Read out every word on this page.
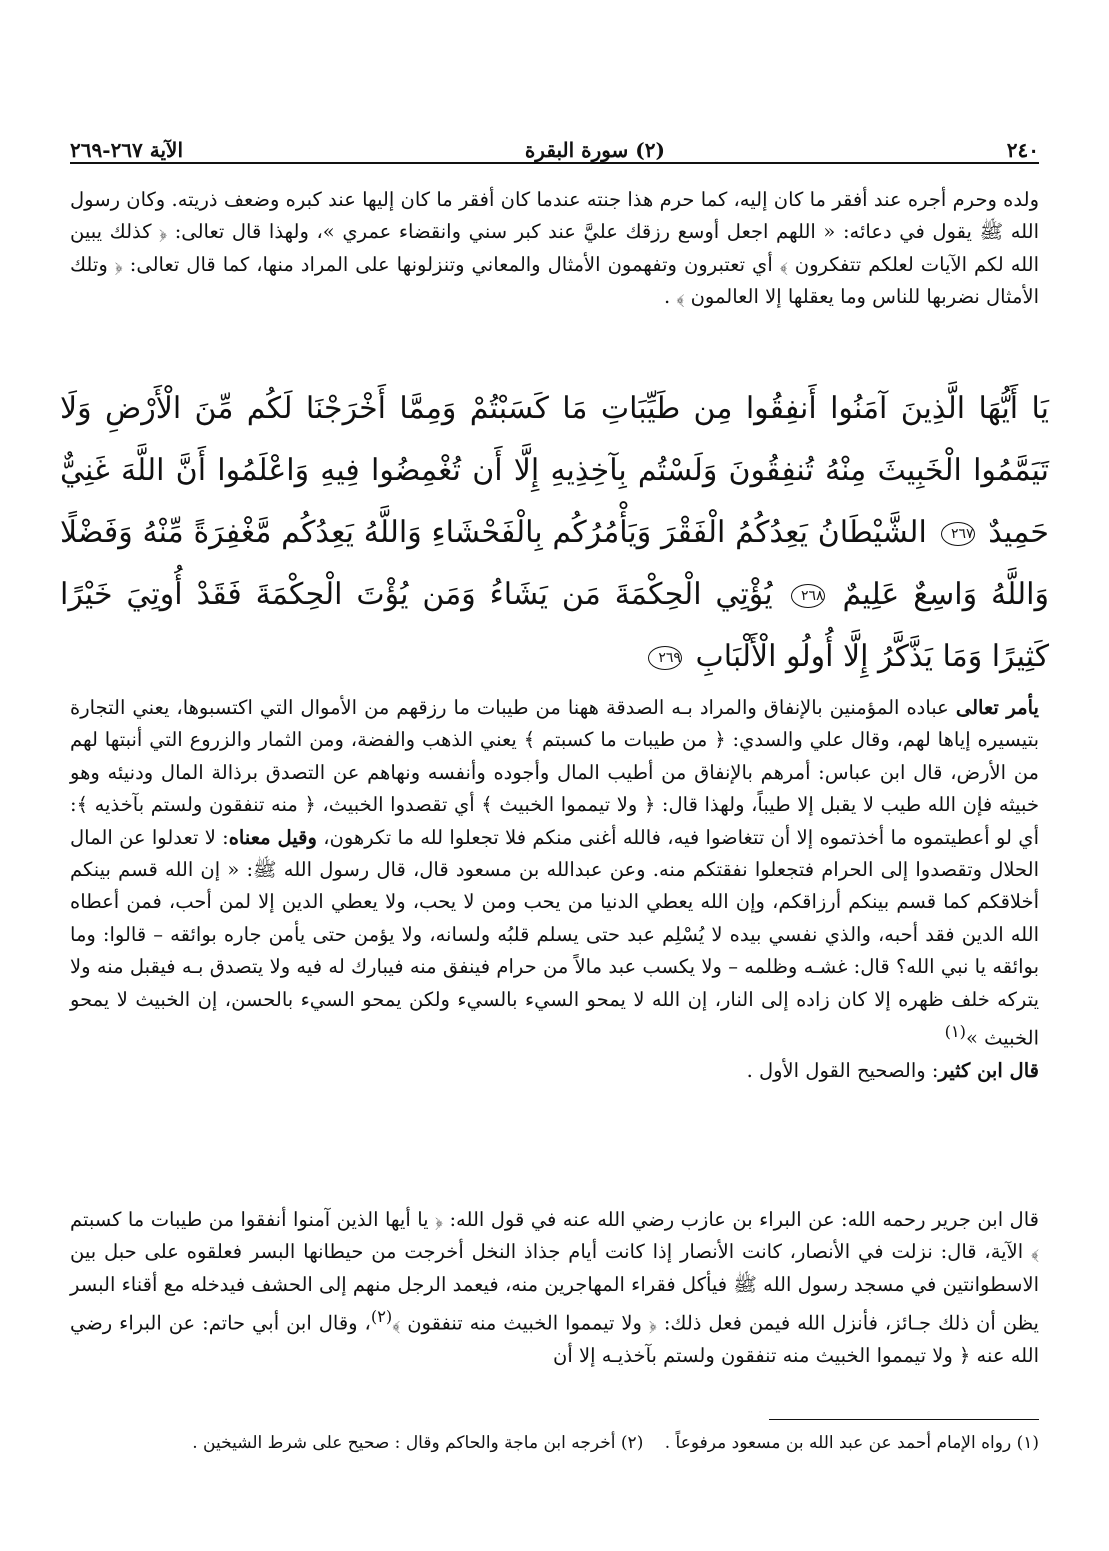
٢٤٠
(٢) سورة البقرة
الآية ٢٦٧-٢٦٩
ولده وحرم أجره عند أفقر ما كان إليه، كما حرم هذا جنته عندما كان أفقر ما كان إليها عند كبره وضعف ذريته. وكان رسول الله ﷺ يقول في دعائه: « اللهم اجعل أوسع رزقك عليَّ عند كبر سني وانقضاء عمري »، ولهذا قال تعالى: ﴿ كذلك يبين الله لكم الآيات لعلكم تتفكرون ﴾ أي تعتبرون وتفهمون الأمثال والمعاني وتنزلونها على المراد منها، كما قال تعالى: ﴿ وتلك الأمثال نضربها للناس وما يعقلها إلا العالمون ﴾ .
يَا أَيُّهَا الَّذِينَ آمَنُوا أَنفِقُوا مِن طَيِّبَاتِ مَا كَسَبْتُمْ وَمِمَّا أَخْرَجْنَا لَكُم مِّنَ الْأَرْضِ وَلَا تَيَمَّمُوا الْخَبِيثَ مِنْهُ تُنفِقُونَ وَلَسْتُم بِآخِذِيهِ إِلَّا أَن تُغْمِضُوا فِيهِ وَاعْلَمُوا أَنَّ اللَّهَ غَنِيٌّ حَمِيدٌ ٢٦٧ الشَّيْطَانُ يَعِدُكُمُ الْفَقْرَ وَيَأْمُرُكُم بِالْفَحْشَاءِ وَاللَّهُ يَعِدُكُم مَّغْفِرَةً مِّنْهُ وَفَضْلًا وَاللَّهُ وَاسِعٌ عَلِيمٌ ٢٦٨ يُؤْتِي الْحِكْمَةَ مَن يَشَاءُ وَمَن يُؤْتَ الْحِكْمَةَ فَقَدْ أُوتِيَ خَيْرًا كَثِيرًا وَمَا يَذَّكَّرُ إِلَّا أُولُو الْأَلْبَابِ ٢٦٩
يأمر تعالى عباده المؤمنين بالإنفاق والمراد بـه الصدقة ههنا من طيبات ما رزقهم من الأموال التي اكتسبوها، يعني التجارة بتيسيره إياها لهم، وقال علي والسدي: ﴿ من طيبات ما كسبتم ﴾ يعني الذهب والفضة، ومن الثمار والزروع التي أنبتها لهم من الأرض، قال ابن عباس: أمرهم بالإنفاق من أطيب المال وأجوده وأنفسه ونهاهم عن التصدق برذالة المال ودنيئه وهو خبيثه فإن الله طيب لا يقبل إلا طيباً، ولهذا قال: ﴿ ولا تيمموا الخبيث ﴾ أي تقصدوا الخبيث، ﴿ منه تنفقون ولستم بآخذيه ﴾: أي لو أعطيتموه ما أخذتموه إلا أن تتغاضوا فيه، فالله أغنى منكم فلا تجعلوا لله ما تكرهون، وقيل معناه: لا تعدلوا عن المال الحلال وتقصدوا إلى الحرام فتجعلوا نفقتكم منه. وعن عبدالله بن مسعود قال، قال رسول الله ﷺ: « إن الله قسم بينكم أخلاقكم كما قسم بينكم أرزاقكم، وإن الله يعطي الدنيا من يحب ومن لا يحب، ولا يعطي الدين إلا لمن أحب، فمن أعطاه الله الدين فقد أحبه، والذي نفسي بيده لا يُسْلِم عبد حتى يسلم قلبُه ولسانه، ولا يؤمن حتى يأمن جاره بوائقه – قالوا: وما بوائقه يا نبي الله؟ قال: غشـه وظلمه – ولا يكسب عبد مالاً من حرام فينفق منه فيبارك له فيه ولا يتصدق بـه فيقبل منه ولا يتركه خلف ظهره إلا كان زاده إلى النار، إن الله لا يمحو السيء بالسيء ولكن يمحو السيء بالحسن، إن الخبيث لا يمحو الخبيث »$^{(١)}$
قال ابن كثير: والصحيح القول الأول .
قال ابن جرير رحمه الله: عن البراء بن عازب رضي الله عنه في قول الله: ﴿ يا أيها الذين آمنوا أنفقوا من طيبات ما كسبتم ﴾ الآية، قال: نزلت في الأنصار، كانت الأنصار إذا كانت أيام جذاذ النخل أخرجت من حيطانها البسر فعلقوه على حبل بين الاسطوانتين في مسجد رسول الله ﷺ فيأكل فقراء المهاجرين منه، فيعمد الرجل منهم إلى الحشف فيدخله مع أقناء البسر يظن أن ذلك جـائز، فأنزل الله فيمن فعل ذلك: ﴿ ولا تيمموا الخبيث منه تنفقون ﴾$^{(٢)}$، وقال ابن أبي حاتم: عن البراء رضي الله عنه ﴿ ولا تيمموا الخبيث منه تنفقون ولستم بآخذيـه إلا أن
(١) رواه الإمام أحمد عن عبد الله بن مسعود مرفوعاً . (٢) أخرجه ابن ماجة والحاكم وقال : صحيح على شرط الشيخين .
